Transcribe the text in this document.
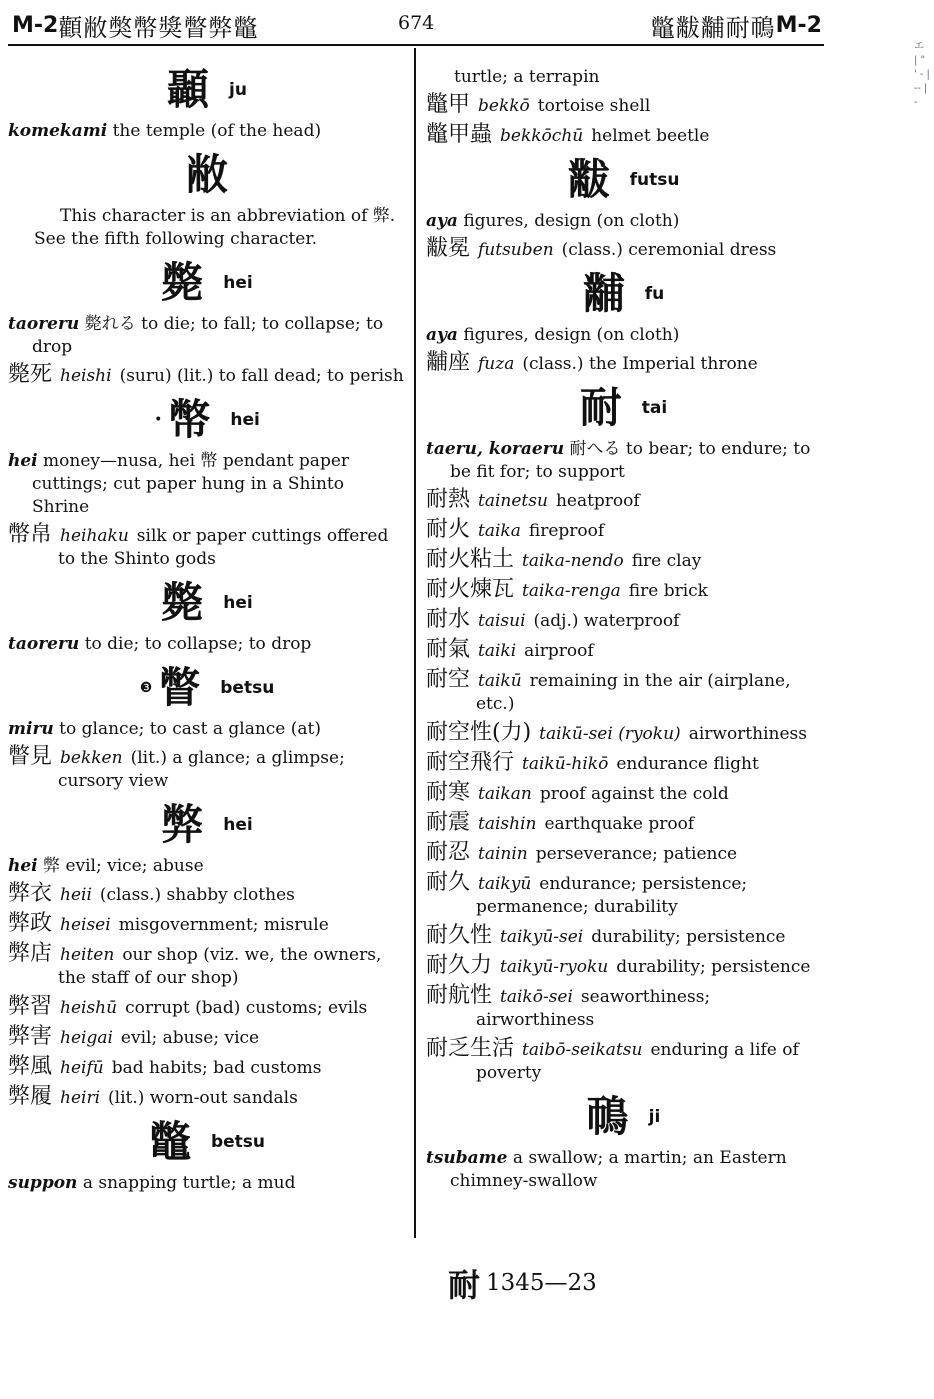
M-2 顴敝獘幣獎瞥弊鼈	674	鼈黻黼耐鳾 M-2
エ | " ' - | -- | -
顳 ju
komekami the temple (of the head)
敝
This character is an abbreviation of 弊. See the fifth following character.
斃 hei
taoreru 斃れる to die; to fall; to collapse; to drop
斃死 heishi (suru) (lit.) to fall dead; to perish
• 幣 hei
hei money—nusa, hei 幣 pendant paper cuttings; cut paper hung in a Shinto Shrine
幣帛 heihaku silk or paper cuttings offered to the Shinto gods
斃 hei
taoreru to die; to collapse; to drop
❸ 瞥 betsu
miru to glance; to cast a glance (at)
瞥見 bekken (lit.) a glance; a glimpse; cursory view
弊 hei
hei 弊 evil; vice; abuse
弊衣 heii (class.) shabby clothes
弊政 heisei misgovernment; misrule
弊店 heiten our shop (viz. we, the owners, the staff of our shop)
弊習 heishū corrupt (bad) customs; evils
弊害 heigai evil; abuse; vice
弊風 heifū bad habits; bad customs
弊履 heiri (lit.) worn-out sandals
鼈 betsu
suppon a snapping turtle; a mud
turtle; a terrapin
鼈甲 bekkō tortoise shell
鼈甲蟲 bekkōchū helmet beetle
黻 futsu
aya figures, design (on cloth)
黻冕 futsuben (class.) ceremonial dress
黼 fu
aya figures, design (on cloth)
黼座 fuza (class.) the Imperial throne
耐 tai
taeru, koraeru 耐へる to bear; to endure; to be fit for; to support
耐熱 tainetsu heatproof
耐火 taika fireproof
耐火粘土 taika-nendo fire clay
耐火煉瓦 taika-renga fire brick
耐水 taisui (adj.) waterproof
耐氣 taiki airproof
耐空 taikū remaining in the air (airplane, etc.)
耐空性(力) taikū-sei (ryoku) airworthiness
耐空飛行 taikū-hikō endurance flight
耐寒 taikan proof against the cold
耐震 taishin earthquake proof
耐忍 tainin perseverance; patience
耐久 taikyū endurance; persistence; permanence; durability
耐久性 taikyū-sei durability; persistence
耐久力 taikyū-ryoku durability; persistence
耐航性 taikō-sei seaworthiness; airworthiness
耐乏生活 taibō-seikatsu enduring a life of poverty
鳾 ji
tsubame a swallow; a martin; an Eastern chimney-swallow
耐 1345—23
